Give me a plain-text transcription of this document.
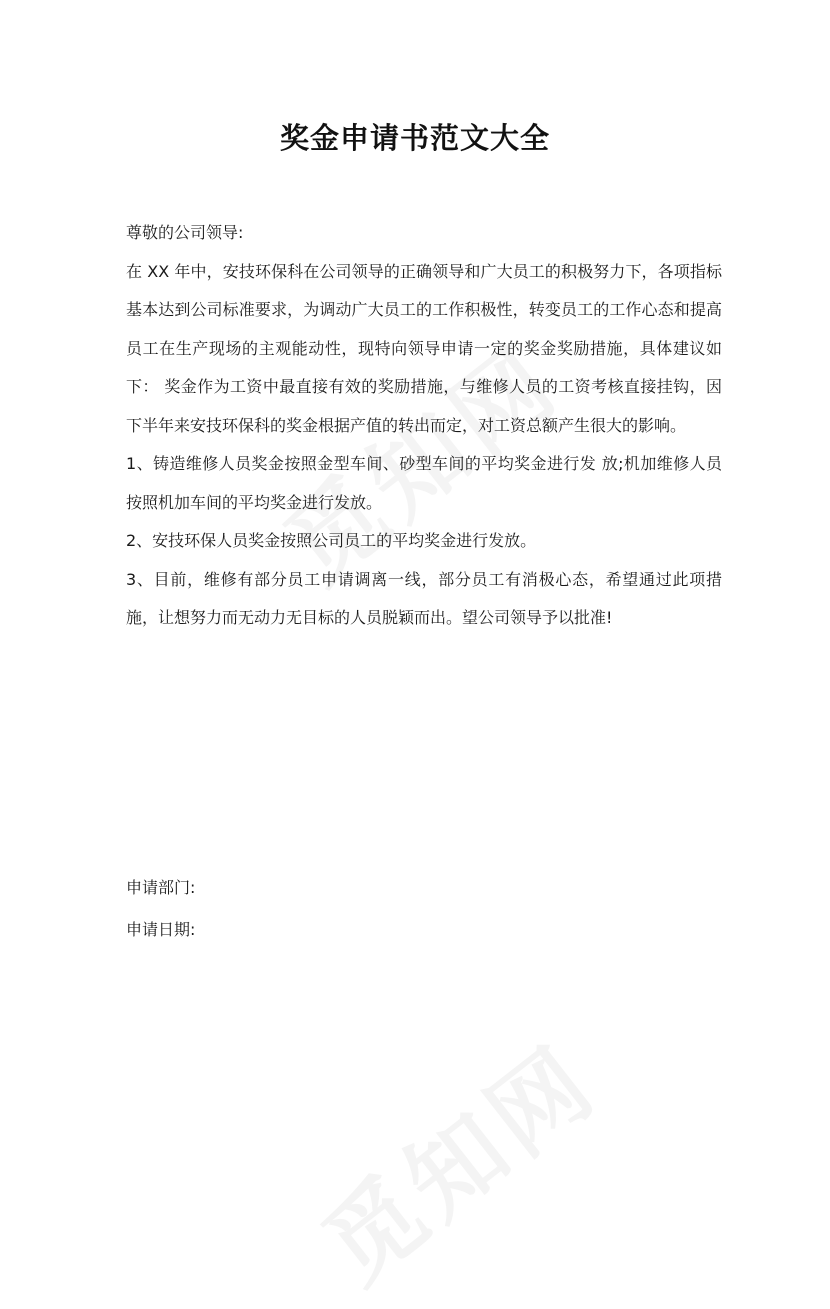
奖金申请书范文大全

尊敬的公司领导:

在 XX 年中，安技环保科在公司领导的正确领导和广大员工的积极努力下，各项指标基本达到公司标准要求，为调动广大员工的工作积极性，转变员工的工作心态和提高员工在生产现场的主观能动性，现特向领导申请一定的奖金奖励措施，具体建议如下： 奖金作为工资中最直接有效的奖励措施，与维修人员的工资考核直接挂钩，因下半年来安技环保科的奖金根据产值的转出而定，对工资总额产生很大的影响。

1、铸造维修人员奖金按照金型车间、砂型车间的平均奖金进行发 放;机加维修人员按照机加车间的平均奖金进行发放。

2、安技环保人员奖金按照公司员工的平均奖金进行发放。

3、目前，维修有部分员工申请调离一线，部分员工有消极心态，希望通过此项措施，让想努力而无动力无目标的人员脱颖而出。望公司领导予以批准!

申请部门:

申请日期:
